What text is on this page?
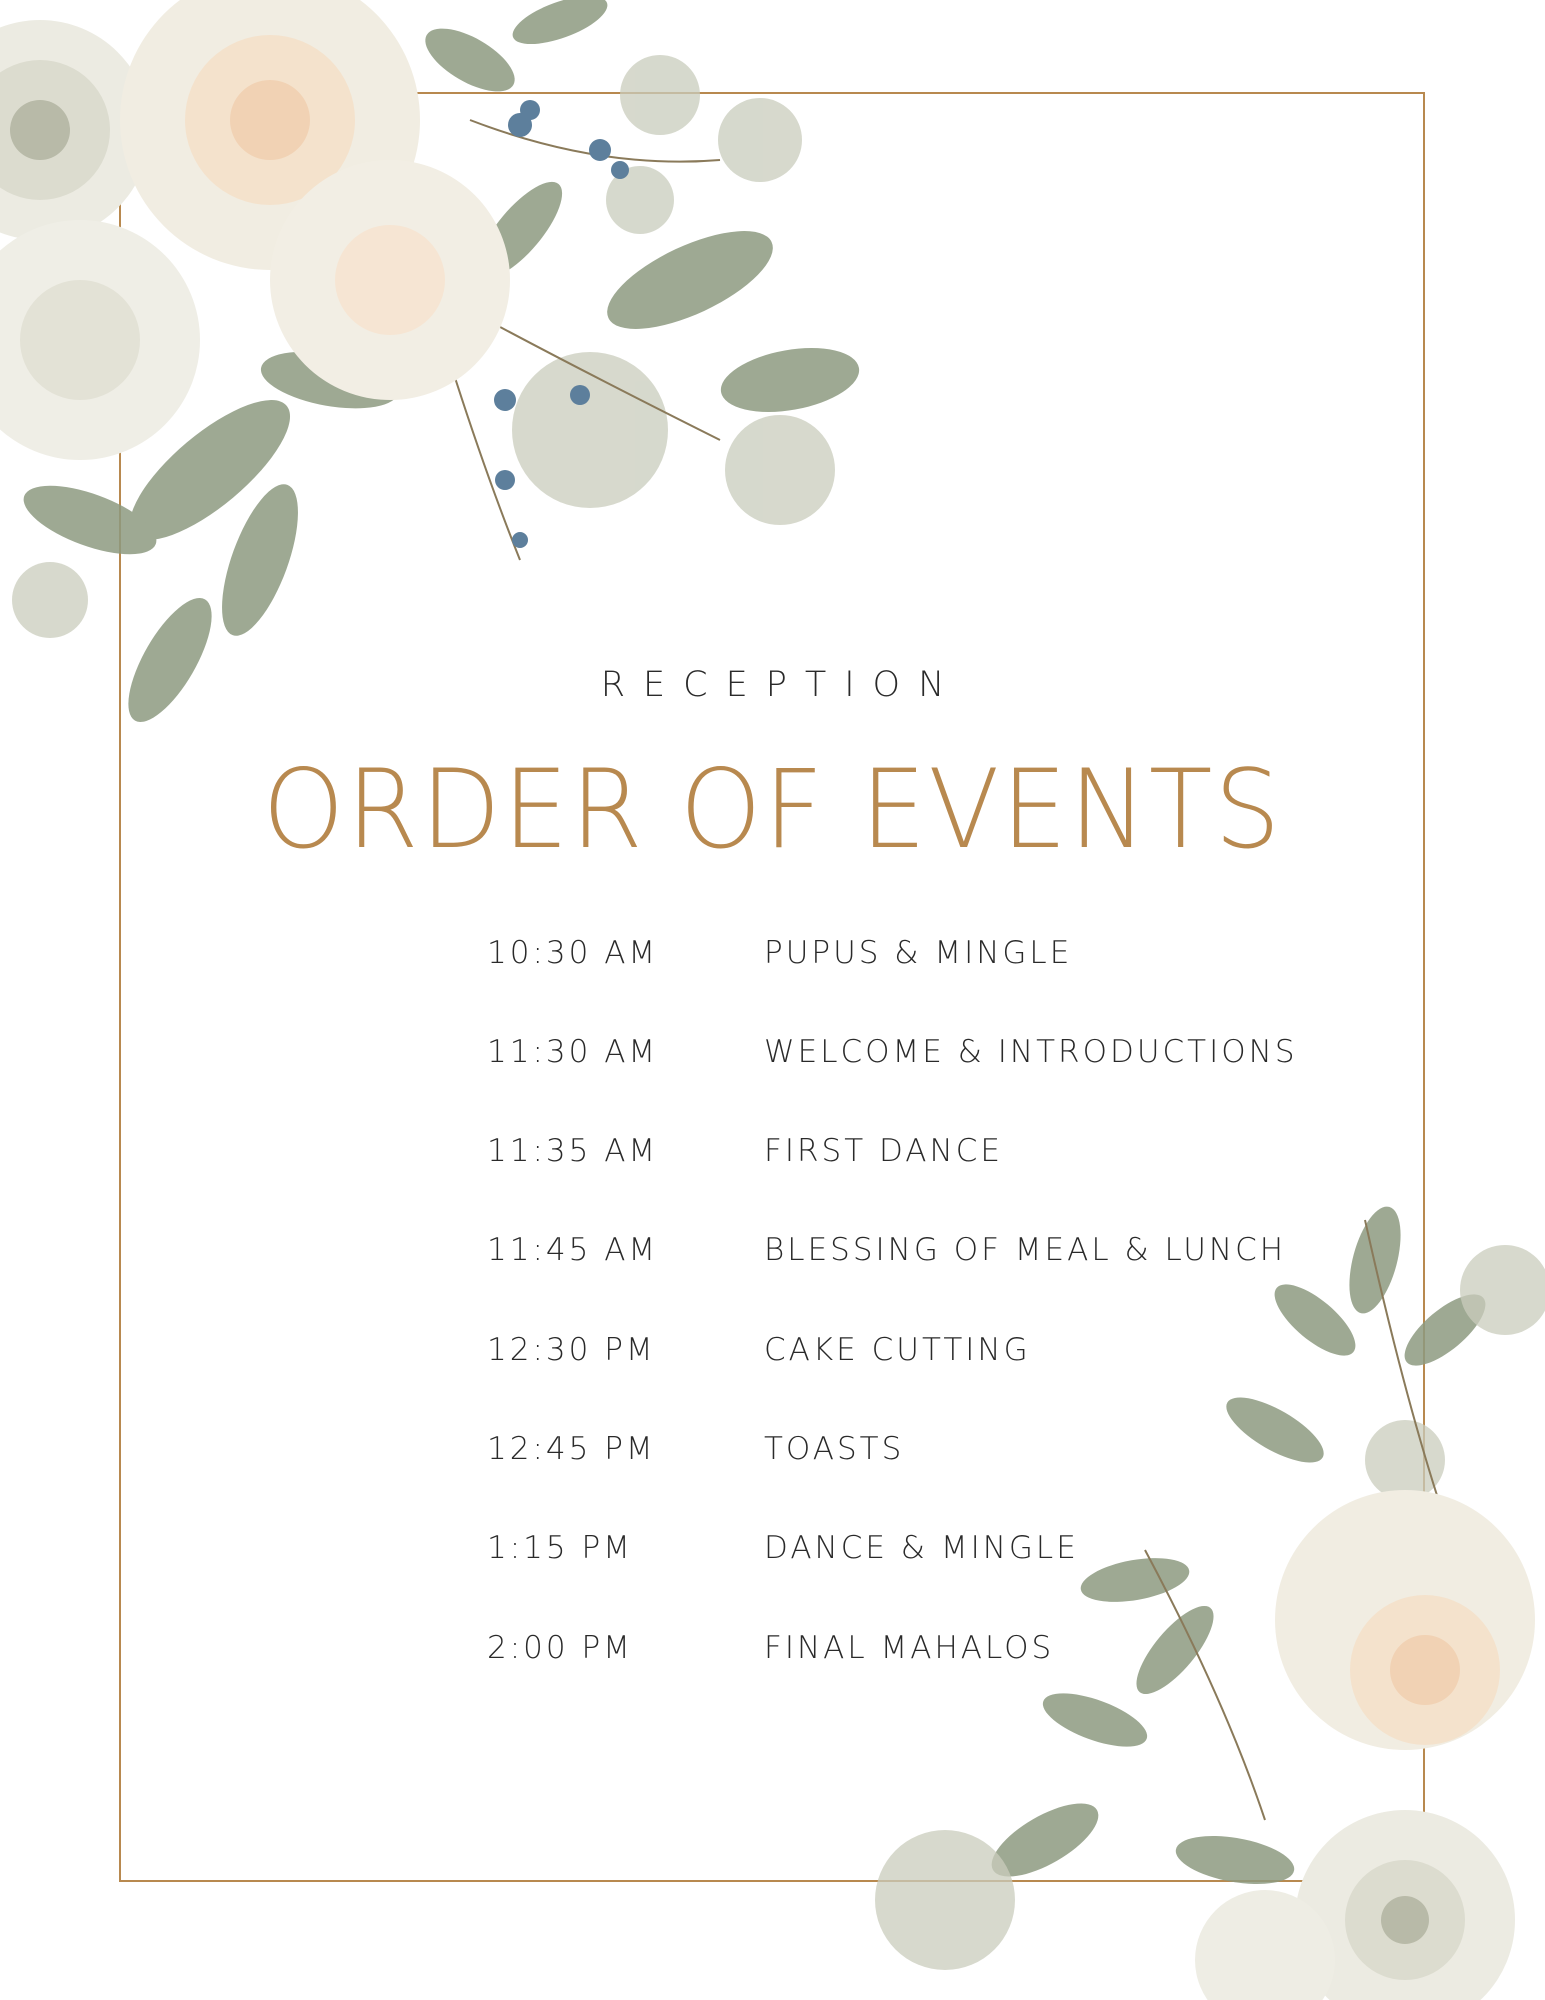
RECEPTION
ORDER OF EVENTS
10:30 AM	PUPUS & MINGLE
11:30 AM	WELCOME & INTRODUCTIONS
11:35 AM	FIRST DANCE
11:45 AM	BLESSING OF MEAL & LUNCH
12:30 PM	CAKE CUTTING
12:45 PM	TOASTS
1:15 PM	DANCE & MINGLE
2:00 PM	FINAL MAHALOS
